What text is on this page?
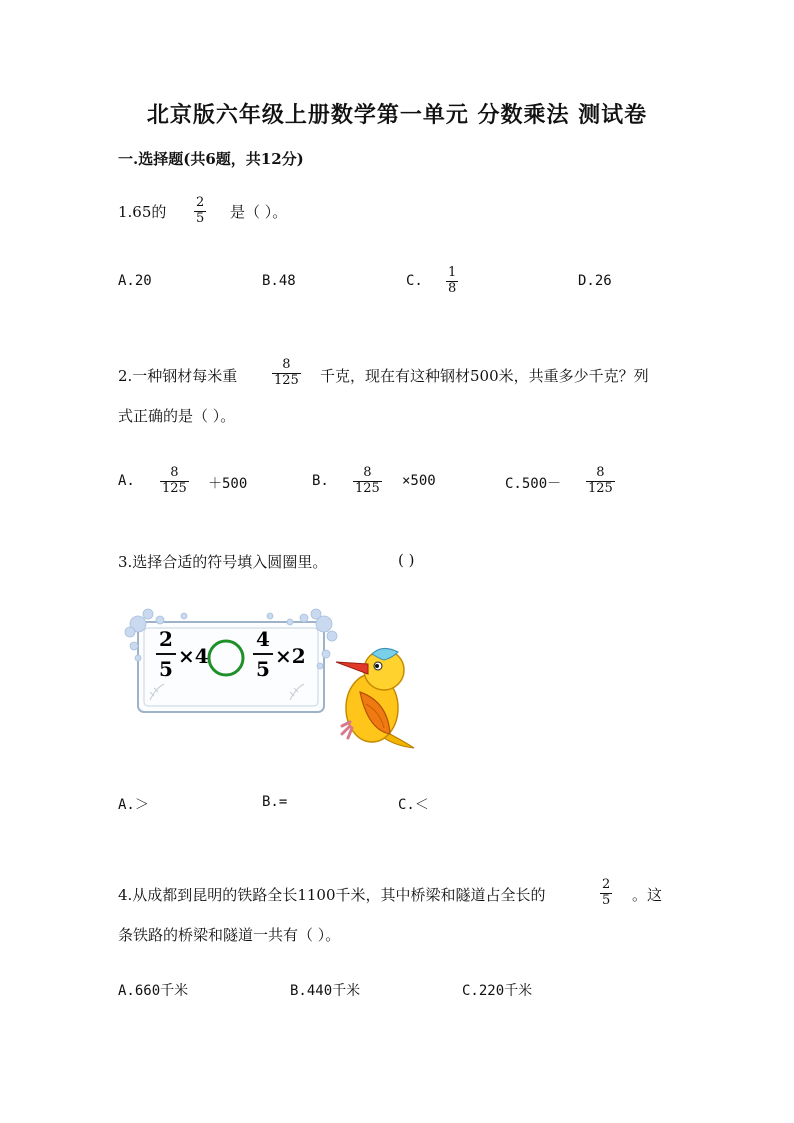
北京版六年级上册数学第一单元 分数乘法 测试卷
一.选择题(共6题，共12分)
1.65的 $\frac{2}{5}$ 是（ ）。
A.20	B.48	C. $\frac{1}{8}$	D.26
2.一种钢材每米重	$\frac{8}{125}$ 千克，现在有这种钢材500米，共重多少千克？列
式正确的是（ ）。
A. $\frac{8}{125} +500$	B. $\frac{8}{125} \times 500$	$C.500- \frac{8}{125}$
3.选择合适的符号填入圆圈里。	( )
2
5
×4
4
5
×2
A.＞	B.=	C.＜
4.从成都到昆明的铁路全长1100千米，其中桥梁和隧道占全长的	$\frac{2}{5}$ 。这
条铁路的桥梁和隧道一共有（ ）。
A.660千米	B.440千米	C.220千米
